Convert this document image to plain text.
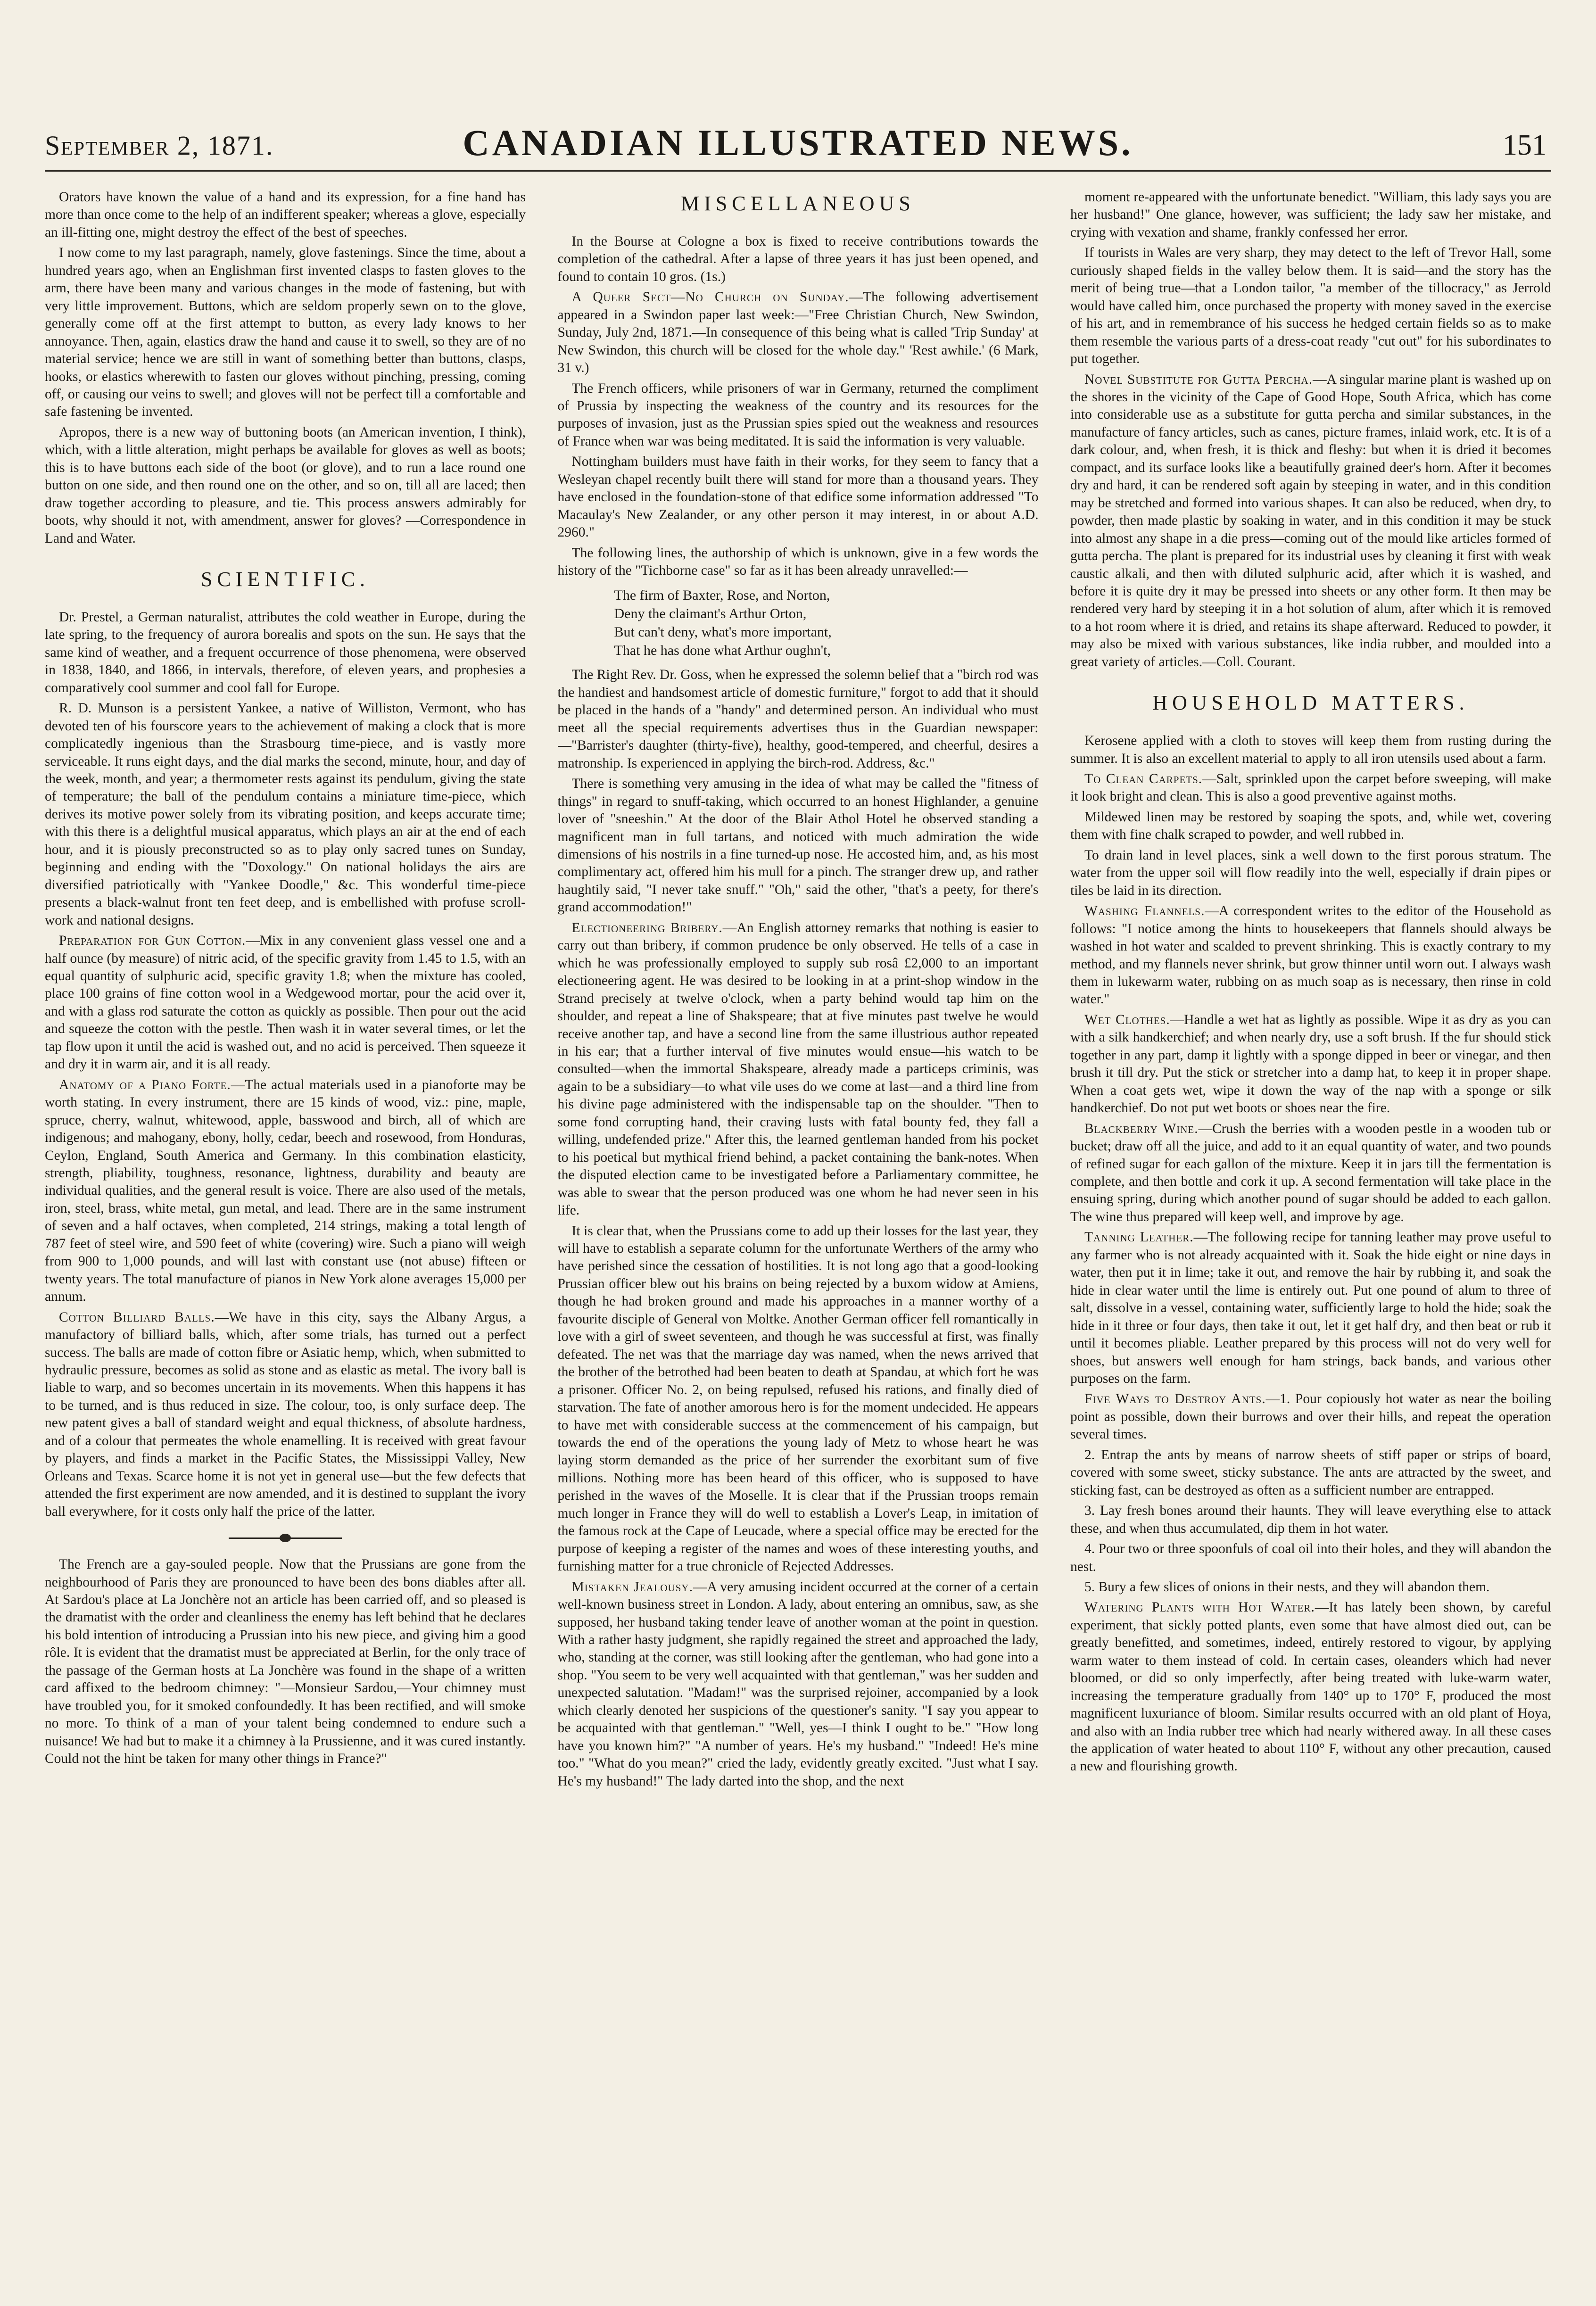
September 2, 1871.	CANADIAN ILLUSTRATED NEWS.	151

Orators have known the value of a hand and its expression, for a fine hand has more than once come to the help of an indifferent speaker; whereas a glove, especially an ill-fitting one, might destroy the effect of the best of speeches.

I now come to my last paragraph, namely, glove fastenings. Since the time, about a hundred years ago, when an Englishman first invented clasps to fasten gloves to the arm, there have been many and various changes in the mode of fastening, but with very little improvement. Buttons, which are seldom properly sewn on to the glove, generally come off at the first attempt to button, as every lady knows to her annoyance. Then, again, elastics draw the hand and cause it to swell, so they are of no material service; hence we are still in want of something better than buttons, clasps, hooks, or elastics wherewith to fasten our gloves without pinching, pressing, coming off, or causing our veins to swell; and gloves will not be perfect till a comfortable and safe fastening be invented.

Apropos, there is a new way of buttoning boots (an American invention, I think), which, with a little alteration, might perhaps be available for gloves as well as boots; this is to have buttons each side of the boot (or glove), and to run a lace round one button on one side, and then round one on the other, and so on, till all are laced; then draw together according to pleasure, and tie. This process answers admirably for boots, why should it not, with amendment, answer for gloves? —Correspondence in Land and Water.

SCIENTIFIC.

Dr. Prestel, a German naturalist, attributes the cold weather in Europe, during the late spring, to the frequency of aurora borealis and spots on the sun. He says that the same kind of weather, and a frequent occurrence of those phenomena, were observed in 1838, 1840, and 1866, in intervals, therefore, of eleven years, and prophesies a comparatively cool summer and cool fall for Europe.

R. D. Munson is a persistent Yankee, a native of Williston, Vermont, who has devoted ten of his fourscore years to the achievement of making a clock that is more complicatedly ingenious than the Strasbourg time-piece, and is vastly more serviceable. It runs eight days, and the dial marks the second, minute, hour, and day of the week, month, and year; a thermometer rests against its pendulum, giving the state of temperature; the ball of the pendulum contains a miniature time-piece, which derives its motive power solely from its vibrating position, and keeps accurate time; with this there is a delightful musical apparatus, which plays an air at the end of each hour, and it is piously preconstructed so as to play only sacred tunes on Sunday, beginning and ending with the "Doxology." On national holidays the airs are diversified patriotically with "Yankee Doodle," &c. This wonderful time-piece presents a black-walnut front ten feet deep, and is embellished with profuse scroll-work and national designs.

Preparation for Gun Cotton.—Mix in any convenient glass vessel one and a half ounce (by measure) of nitric acid, of the specific gravity from 1.45 to 1.5, with an equal quantity of sulphuric acid, specific gravity 1.8; when the mixture has cooled, place 100 grains of fine cotton wool in a Wedgewood mortar, pour the acid over it, and with a glass rod saturate the cotton as quickly as possible. Then pour out the acid and squeeze the cotton with the pestle. Then wash it in water several times, or let the tap flow upon it until the acid is washed out, and no acid is perceived. Then squeeze it and dry it in warm air, and it is all ready.

Anatomy of a Piano Forte.—The actual materials used in a pianoforte may be worth stating. In every instrument, there are 15 kinds of wood, viz.: pine, maple, spruce, cherry, walnut, whitewood, apple, basswood and birch, all of which are indigenous; and mahogany, ebony, holly, cedar, beech and rosewood, from Honduras, Ceylon, England, South America and Germany. In this combination elasticity, strength, pliability, toughness, resonance, lightness, durability and beauty are individual qualities, and the general result is voice. There are also used of the metals, iron, steel, brass, white metal, gun metal, and lead. There are in the same instrument of seven and a half octaves, when completed, 214 strings, making a total length of 787 feet of steel wire, and 590 feet of white (covering) wire. Such a piano will weigh from 900 to 1,000 pounds, and will last with constant use (not abuse) fifteen or twenty years. The total manufacture of pianos in New York alone averages 15,000 per annum.

Cotton Billiard Balls.—We have in this city, says the Albany Argus, a manufactory of billiard balls, which, after some trials, has turned out a perfect success. The balls are made of cotton fibre or Asiatic hemp, which, when submitted to hydraulic pressure, becomes as solid as stone and as elastic as metal. The ivory ball is liable to warp, and so becomes uncertain in its movements. When this happens it has to be turned, and is thus reduced in size. The colour, too, is only surface deep. The new patent gives a ball of standard weight and equal thickness, of absolute hardness, and of a colour that permeates the whole enamelling. It is received with great favour by players, and finds a market in the Pacific States, the Mississippi Valley, New Orleans and Texas. Scarce home it is not yet in general use—but the few defects that attended the first experiment are now amended, and it is destined to supplant the ivory ball everywhere, for it costs only half the price of the latter.

The French are a gay-souled people. Now that the Prussians are gone from the neighbourhood of Paris they are pronounced to have been des bons diables after all. At Sardou's place at La Jonchère not an article has been carried off, and so pleased is the dramatist with the order and cleanliness the enemy has left behind that he declares his bold intention of introducing a Prussian into his new piece, and giving him a good rôle. It is evident that the dramatist must be appreciated at Berlin, for the only trace of the passage of the German hosts at La Jonchère was found in the shape of a written card affixed to the bedroom chimney: "—Monsieur Sardou,—Your chimney must have troubled you, for it smoked confoundedly. It has been rectified, and will smoke no more. To think of a man of your talent being condemned to endure such a nuisance! We had but to make it a chimney à la Prussienne, and it was cured instantly. Could not the hint be taken for many other things in France?"

MISCELLANEOUS

In the Bourse at Cologne a box is fixed to receive contributions towards the completion of the cathedral. After a lapse of three years it has just been opened, and found to contain 10 gros. (1s.)

A Queer Sect—No Church on Sunday.—The following advertisement appeared in a Swindon paper last week:—"Free Christian Church, New Swindon, Sunday, July 2nd, 1871.—In consequence of this being what is called 'Trip Sunday' at New Swindon, this church will be closed for the whole day." 'Rest awhile.' (6 Mark, 31 v.)

The French officers, while prisoners of war in Germany, returned the compliment of Prussia by inspecting the weakness of the country and its resources for the purposes of invasion, just as the Prussian spies spied out the weakness and resources of France when war was being meditated. It is said the information is very valuable.

Nottingham builders must have faith in their works, for they seem to fancy that a Wesleyan chapel recently built there will stand for more than a thousand years. They have enclosed in the foundation-stone of that edifice some information addressed "To Macaulay's New Zealander, or any other person it may interest, in or about A.D. 2960."

The following lines, the authorship of which is unknown, give in a few words the history of the "Tichborne case" so far as it has been already unravelled:—

The firm of Baxter, Rose, and Norton,
Deny the claimant's Arthur Orton,
But can't deny, what's more important,
That he has done what Arthur oughn't,

The Right Rev. Dr. Goss, when he expressed the solemn belief that a "birch rod was the handiest and handsomest article of domestic furniture," forgot to add that it should be placed in the hands of a "handy" and determined person. An individual who must meet all the special requirements advertises thus in the Guardian newspaper:—"Barrister's daughter (thirty-five), healthy, good-tempered, and cheerful, desires a matronship. Is experienced in applying the birch-rod. Address, &c."

There is something very amusing in the idea of what may be called the "fitness of things" in regard to snuff-taking, which occurred to an honest Highlander, a genuine lover of "sneeshin." At the door of the Blair Athol Hotel he observed standing a magnificent man in full tartans, and noticed with much admiration the wide dimensions of his nostrils in a fine turned-up nose. He accosted him, and, as his most complimentary act, offered him his mull for a pinch. The stranger drew up, and rather haughtily said, "I never take snuff." "Oh," said the other, "that's a peety, for there's grand accommodation!"

Electioneering Bribery.—An English attorney remarks that nothing is easier to carry out than bribery, if common prudence be only observed. He tells of a case in which he was professionally employed to supply sub rosâ £2,000 to an important electioneering agent. He was desired to be looking in at a print-shop window in the Strand precisely at twelve o'clock, when a party behind would tap him on the shoulder, and repeat a line of Shakspeare; that at five minutes past twelve he would receive another tap, and have a second line from the same illustrious author repeated in his ear; that a further interval of five minutes would ensue—his watch to be consulted—when the immortal Shakspeare, already made a particeps criminis, was again to be a subsidiary—to what vile uses do we come at last—and a third line from his divine page administered with the indispensable tap on the shoulder. "Then to some fond corrupting hand, their craving lusts with fatal bounty fed, they fall a willing, undefended prize." After this, the learned gentleman handed from his pocket to his poetical but mythical friend behind, a packet containing the bank-notes. When the disputed election came to be investigated before a Parliamentary committee, he was able to swear that the person produced was one whom he had never seen in his life.

It is clear that, when the Prussians come to add up their losses for the last year, they will have to establish a separate column for the unfortunate Werthers of the army who have perished since the cessation of hostilities. It is not long ago that a good-looking Prussian officer blew out his brains on being rejected by a buxom widow at Amiens, though he had broken ground and made his approaches in a manner worthy of a favourite disciple of General von Moltke. Another German officer fell romantically in love with a girl of sweet seventeen, and though he was successful at first, was finally defeated. The net was that the marriage day was named, when the news arrived that the brother of the betrothed had been beaten to death at Spandau, at which fort he was a prisoner. Officer No. 2, on being repulsed, refused his rations, and finally died of starvation. The fate of another amorous hero is for the moment undecided. He appears to have met with considerable success at the commencement of his campaign, but towards the end of the operations the young lady of Metz to whose heart he was laying storm demanded as the price of her surrender the exorbitant sum of five millions. Nothing more has been heard of this officer, who is supposed to have perished in the waves of the Moselle. It is clear that if the Prussian troops remain much longer in France they will do well to establish a Lover's Leap, in imitation of the famous rock at the Cape of Leucade, where a special office may be erected for the purpose of keeping a register of the names and woes of these interesting youths, and furnishing matter for a true chronicle of Rejected Addresses.

Mistaken Jealousy.—A very amusing incident occurred at the corner of a certain well-known business street in London. A lady, about entering an omnibus, saw, as she supposed, her husband taking tender leave of another woman at the point in question. With a rather hasty judgment, she rapidly regained the street and approached the lady, who, standing at the corner, was still looking after the gentleman, who had gone into a shop. "You seem to be very well acquainted with that gentleman," was her sudden and unexpected salutation. "Madam!" was the surprised rejoiner, accompanied by a look which clearly denoted her suspicions of the questioner's sanity. "I say you appear to be acquainted with that gentleman." "Well, yes—I think I ought to be." "How long have you known him?" "A number of years. He's my husband." "Indeed! He's mine too." "What do you mean?" cried the lady, evidently greatly excited. "Just what I say. He's my husband!" The lady darted into the shop, and the next

moment re-appeared with the unfortunate benedict. "William, this lady says you are her husband!" One glance, however, was sufficient; the lady saw her mistake, and crying with vexation and shame, frankly confessed her error.

If tourists in Wales are very sharp, they may detect to the left of Trevor Hall, some curiously shaped fields in the valley below them. It is said—and the story has the merit of being true—that a London tailor, "a member of the tillocracy," as Jerrold would have called him, once purchased the property with money saved in the exercise of his art, and in remembrance of his success he hedged certain fields so as to make them resemble the various parts of a dress-coat ready "cut out" for his subordinates to put together.

Novel Substitute for Gutta Percha.—A singular marine plant is washed up on the shores in the vicinity of the Cape of Good Hope, South Africa, which has come into considerable use as a substitute for gutta percha and similar substances, in the manufacture of fancy articles, such as canes, picture frames, inlaid work, etc. It is of a dark colour, and, when fresh, it is thick and fleshy: but when it is dried it becomes compact, and its surface looks like a beautifully grained deer's horn. After it becomes dry and hard, it can be rendered soft again by steeping in water, and in this condition may be stretched and formed into various shapes. It can also be reduced, when dry, to powder, then made plastic by soaking in water, and in this condition it may be stuck into almost any shape in a die press—coming out of the mould like articles formed of gutta percha. The plant is prepared for its industrial uses by cleaning it first with weak caustic alkali, and then with diluted sulphuric acid, after which it is washed, and before it is quite dry it may be pressed into sheets or any other form. It then may be rendered very hard by steeping it in a hot solution of alum, after which it is removed to a hot room where it is dried, and retains its shape afterward. Reduced to powder, it may also be mixed with various substances, like india rubber, and moulded into a great variety of articles.—Coll. Courant.

HOUSEHOLD MATTERS.

Kerosene applied with a cloth to stoves will keep them from rusting during the summer. It is also an excellent material to apply to all iron utensils used about a farm.

To Clean Carpets.—Salt, sprinkled upon the carpet before sweeping, will make it look bright and clean. This is also a good preventive against moths.

Mildewed linen may be restored by soaping the spots, and, while wet, covering them with fine chalk scraped to powder, and well rubbed in.

To drain land in level places, sink a well down to the first porous stratum. The water from the upper soil will flow readily into the well, especially if drain pipes or tiles be laid in its direction.

Washing Flannels.—A correspondent writes to the editor of the Household as follows: "I notice among the hints to housekeepers that flannels should always be washed in hot water and scalded to prevent shrinking. This is exactly contrary to my method, and my flannels never shrink, but grow thinner until worn out. I always wash them in lukewarm water, rubbing on as much soap as is necessary, then rinse in cold water."

Wet Clothes.—Handle a wet hat as lightly as possible. Wipe it as dry as you can with a silk handkerchief; and when nearly dry, use a soft brush. If the fur should stick together in any part, damp it lightly with a sponge dipped in beer or vinegar, and then brush it till dry. Put the stick or stretcher into a damp hat, to keep it in proper shape. When a coat gets wet, wipe it down the way of the nap with a sponge or silk handkerchief. Do not put wet boots or shoes near the fire.

Blackberry Wine.—Crush the berries with a wooden pestle in a wooden tub or bucket; draw off all the juice, and add to it an equal quantity of water, and two pounds of refined sugar for each gallon of the mixture. Keep it in jars till the fermentation is complete, and then bottle and cork it up. A second fermentation will take place in the ensuing spring, during which another pound of sugar should be added to each gallon. The wine thus prepared will keep well, and improve by age.

Tanning Leather.—The following recipe for tanning leather may prove useful to any farmer who is not already acquainted with it. Soak the hide eight or nine days in water, then put it in lime; take it out, and remove the hair by rubbing it, and soak the hide in clear water until the lime is entirely out. Put one pound of alum to three of salt, dissolve in a vessel, containing water, sufficiently large to hold the hide; soak the hide in it three or four days, then take it out, let it get half dry, and then beat or rub it until it becomes pliable. Leather prepared by this process will not do very well for shoes, but answers well enough for ham strings, back bands, and various other purposes on the farm.

Five Ways to Destroy Ants.—1. Pour copiously hot water as near the boiling point as possible, down their burrows and over their hills, and repeat the operation several times.

2. Entrap the ants by means of narrow sheets of stiff paper or strips of board, covered with some sweet, sticky substance. The ants are attracted by the sweet, and sticking fast, can be destroyed as often as a sufficient number are entrapped.

3. Lay fresh bones around their haunts. They will leave everything else to attack these, and when thus accumulated, dip them in hot water.

4. Pour two or three spoonfuls of coal oil into their holes, and they will abandon the nest.

5. Bury a few slices of onions in their nests, and they will abandon them.

Watering Plants with Hot Water.—It has lately been shown, by careful experiment, that sickly potted plants, even some that have almost died out, can be greatly benefitted, and sometimes, indeed, entirely restored to vigour, by applying warm water to them instead of cold. In certain cases, oleanders which had never bloomed, or did so only imperfectly, after being treated with luke-warm water, increasing the temperature gradually from 140° up to 170° F, produced the most magnificent luxuriance of bloom. Similar results occurred with an old plant of Hoya, and also with an India rubber tree which had nearly withered away. In all these cases the application of water heated to about 110° F, without any other precaution, caused a new and flourishing growth.
